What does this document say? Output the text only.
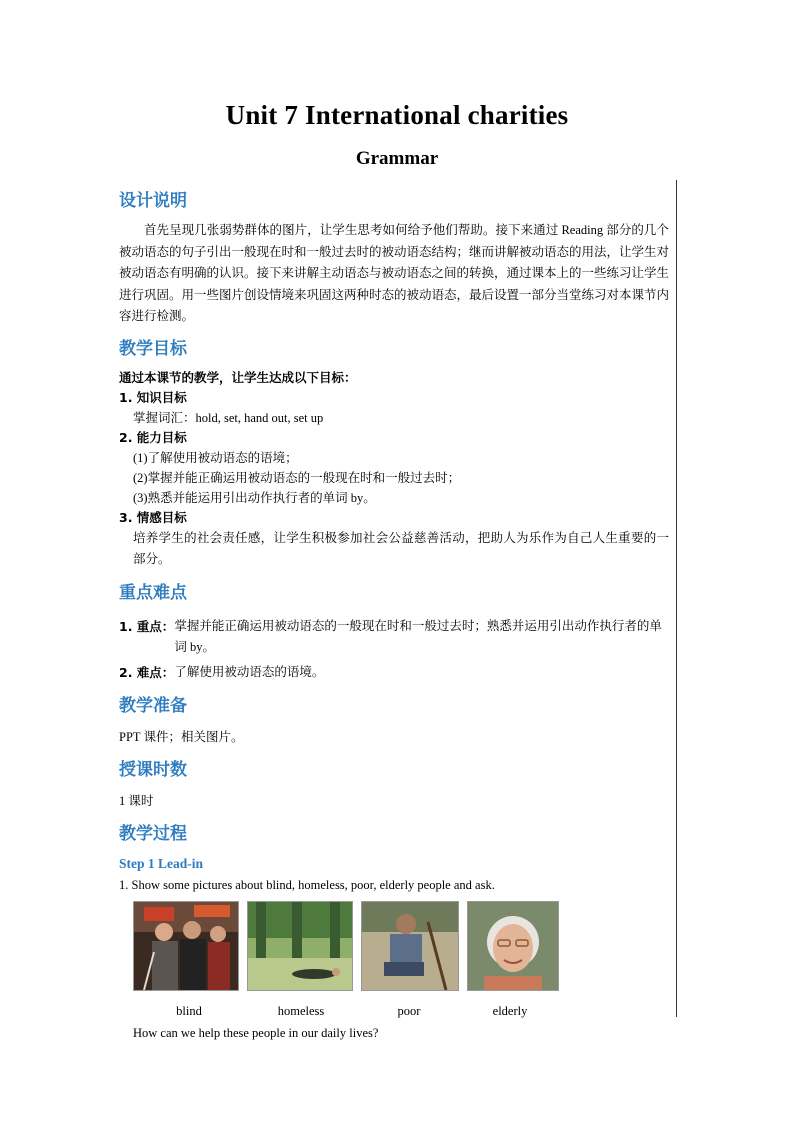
Unit 7 International charities
Grammar
设计说明

首先呈现几张弱势群体的图片，让学生思考如何给予他们帮助。接下来通过 Reading 部分的几个被动语态的句子引出一般现在时和一般过去时的被动语态结构；继而讲解被动语态的用法，让学生对被动语态有明确的认识。接下来讲解主动语态与被动语态之间的转换，通过课本上的一些练习让学生进行巩固。用一些图片创设情境来巩固这两种时态的被动语态，最后设置一部分当堂练习对本课节内容进行检测。

教学目标
通过本课节的教学，让学生达成以下目标：
1. 知识目标

掌握词汇：hold, set, hand out, set up

2. 能力目标

(1)了解使用被动语态的语境；

(2)掌握并能正确运用被动语态的一般现在时和一般过去时；

(3)熟悉并能运用引出动作执行者的单词 by。

3. 情感目标

培养学生的社会责任感，让学生积极参加社会公益慈善活动，把助人为乐作为自己人生重要的一部分。

重点难点
1. 重点： 掌握并能正确运用被动语态的一般现在时和一般过去时；熟悉并运用引出动作执行者的单词 by。
2. 难点： 了解使用被动语态的语境。
教学准备

PPT 课件；相关图片。

授课时数

1 课时

教学过程

Step 1 Lead-in

1. Show some pictures about blind, homeless, poor, elderly people and ask.

blind	homeless	poor	elderly

How can we help these people in our daily lives?
